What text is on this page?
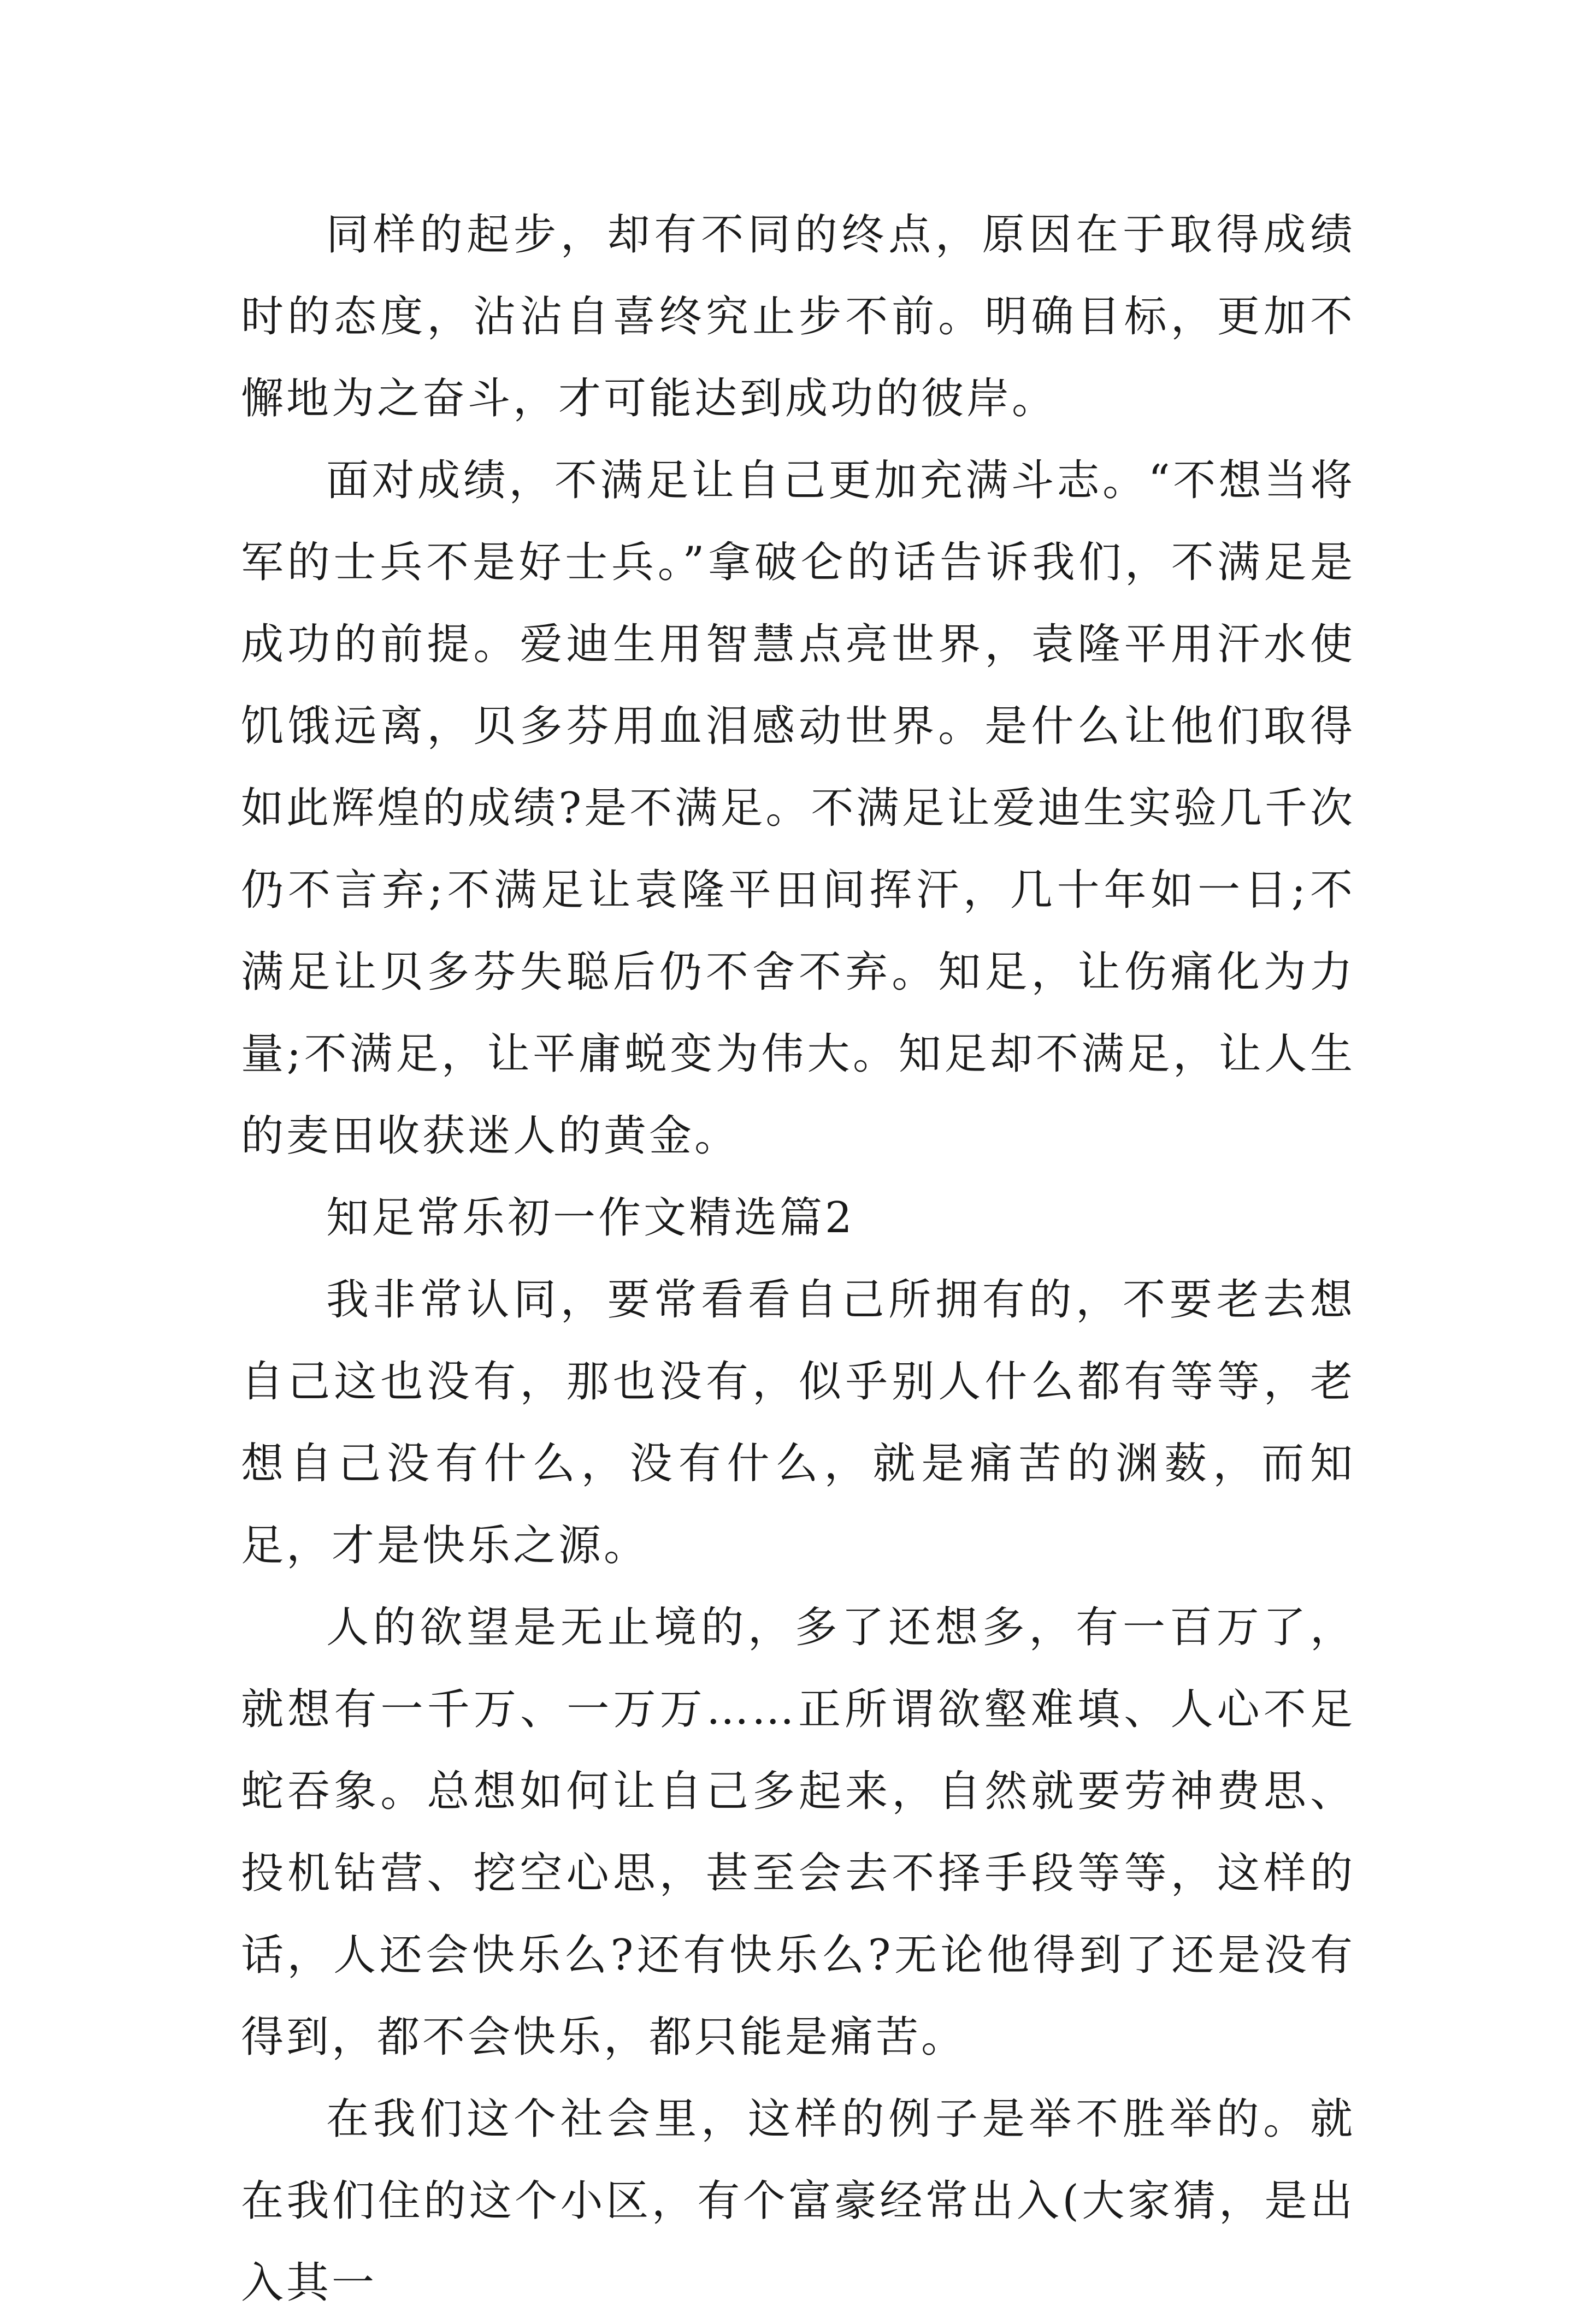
同样的起步，却有不同的终点，原因在于取得成绩时的态度，沾沾自喜终究止步不前。明确目标，更加不懈地为之奋斗，才可能达到成功的彼岸。

面对成绩，不满足让自己更加充满斗志。“不想当将军的士兵不是好士兵。”拿破仑的话告诉我们，不满足是成功的前提。爱迪生用智慧点亮世界，袁隆平用汗水使饥饿远离，贝多芬用血泪感动世界。是什么让他们取得如此辉煌的成绩?是不满足。不满足让爱迪生实验几千次仍不言弃;不满足让袁隆平田间挥汗，几十年如一日;不满足让贝多芬失聪后仍不舍不弃。知足，让伤痛化为力量;不满足，让平庸蜕变为伟大。知足却不满足，让人生的麦田收获迷人的黄金。

知足常乐初一作文精选篇2

我非常认同，要常看看自己所拥有的，不要老去想自己这也没有，那也没有，似乎别人什么都有等等，老想自己没有什么，没有什么，就是痛苦的渊薮，而知足，才是快乐之源。

人的欲望是无止境的，多了还想多，有一百万了，就想有一千万、一万万……正所谓欲壑难填、人心不足蛇吞象。总想如何让自己多起来，自然就要劳神费思、投机钻营、挖空心思，甚至会去不择手段等等，这样的话，人还会快乐么?还有快乐么?无论他得到了还是没有得到，都不会快乐，都只能是痛苦。

在我们这个社会里，这样的例子是举不胜举的。就在我们住的这个小区，有个富豪经常出入(大家猜，是出入其一
